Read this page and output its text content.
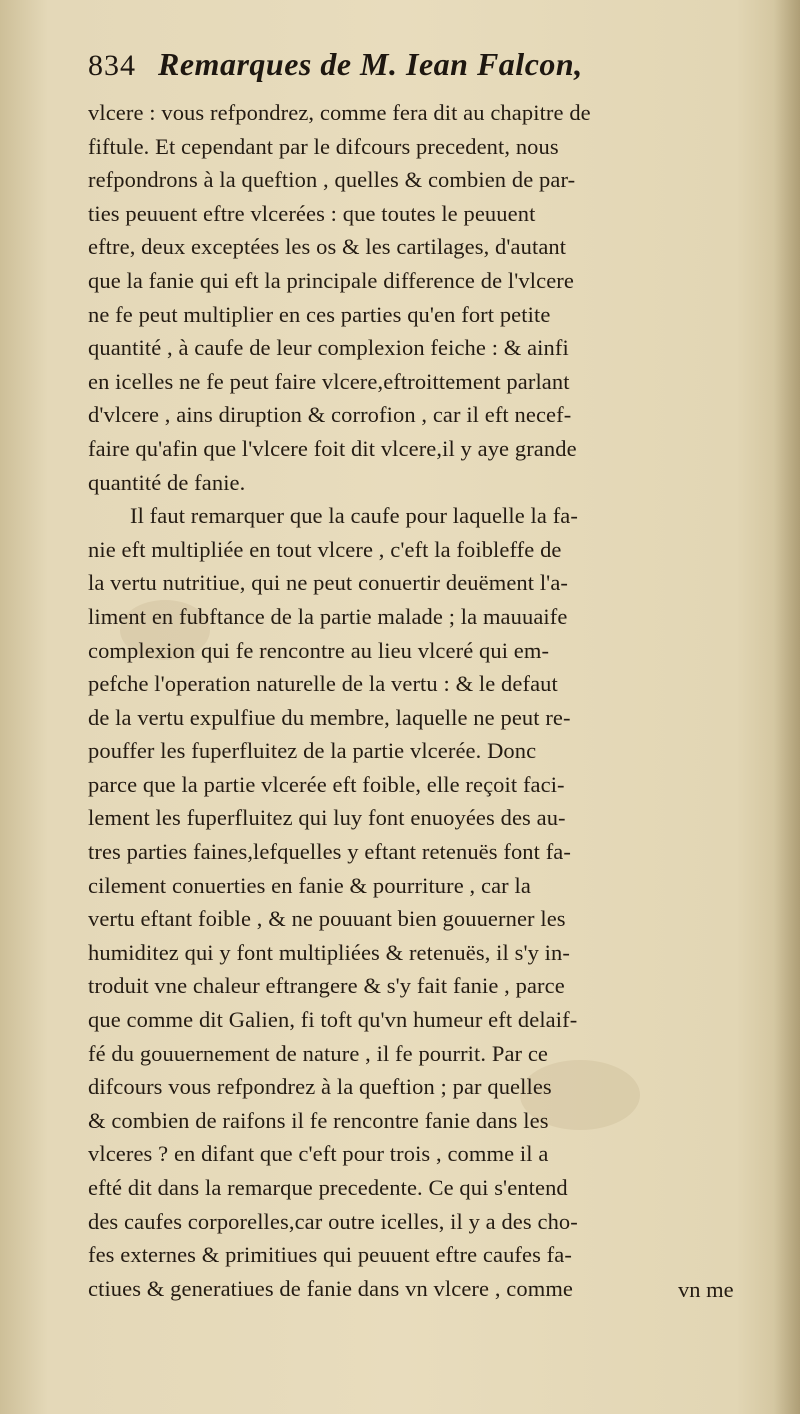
834 Remarques de M. Iean Falcon,
vlcere : vous refpondrez, comme fera dit au chapitre de
fiftule. Et cependant par le difcours precedent, nous
refpondrons à la queftion , quelles & combien de par-
ties peuuent eftre vlcerées : que toutes le peuuent
eftre, deux exceptées les os & les cartilages, d'autant
que la fanie qui eft la principale difference de l'vlcere
ne fe peut multiplier en ces parties qu'en fort petite
quantité , à caufe de leur complexion feiche : & ainfi
en icelles ne fe peut faire vlcere,eftroittement parlant
d'vlcere , ains diruption & corrofion , car il eft necef-
faire qu'afin que l'vlcere foit dit vlcere,il y aye grande
quantité de fanie.
Il faut remarquer que la caufe pour laquelle la fa-
nie eft multipliée en tout vlcere , c'eft la foibleffe de
la vertu nutritiue, qui ne peut conuertir deuëment l'a-
liment en fubftance de la partie malade ; la mauuaife
complexion qui fe rencontre au lieu vlceré qui em-
pefche l'operation naturelle de la vertu : & le defaut
de la vertu expulfiue du membre, laquelle ne peut re-
pouffer les fuperfluitez de la partie vlcerée. Donc
parce que la partie vlcerée eft foible, elle reçoit faci-
lement les fuperfluitez qui luy font enuoyées des au-
tres parties faines,lefquelles y eftant retenuës font fa-
cilement conuerties en fanie & pourriture , car la
vertu eftant foible , & ne pouuant bien gouuerner les
humiditez qui y font multipliées & retenuës, il s'y in-
troduit vne chaleur eftrangere & s'y fait fanie , parce
que comme dit Galien, fi toft qu'vn humeur eft delaif-
fé du gouuernement de nature , il fe pourrit. Par ce
difcours vous refpondrez à la queftion ; par quelles
& combien de raifons il fe rencontre fanie dans les
vlceres ? en difant que c'eft pour trois , comme il a
efté dit dans la remarque precedente. Ce qui s'entend
des caufes corporelles,car outre icelles, il y a des cho-
fes externes & primitiues qui peuuent eftre caufes fa-
ctiues & generatiues de fanie dans vn vlcere , comme	vn me
